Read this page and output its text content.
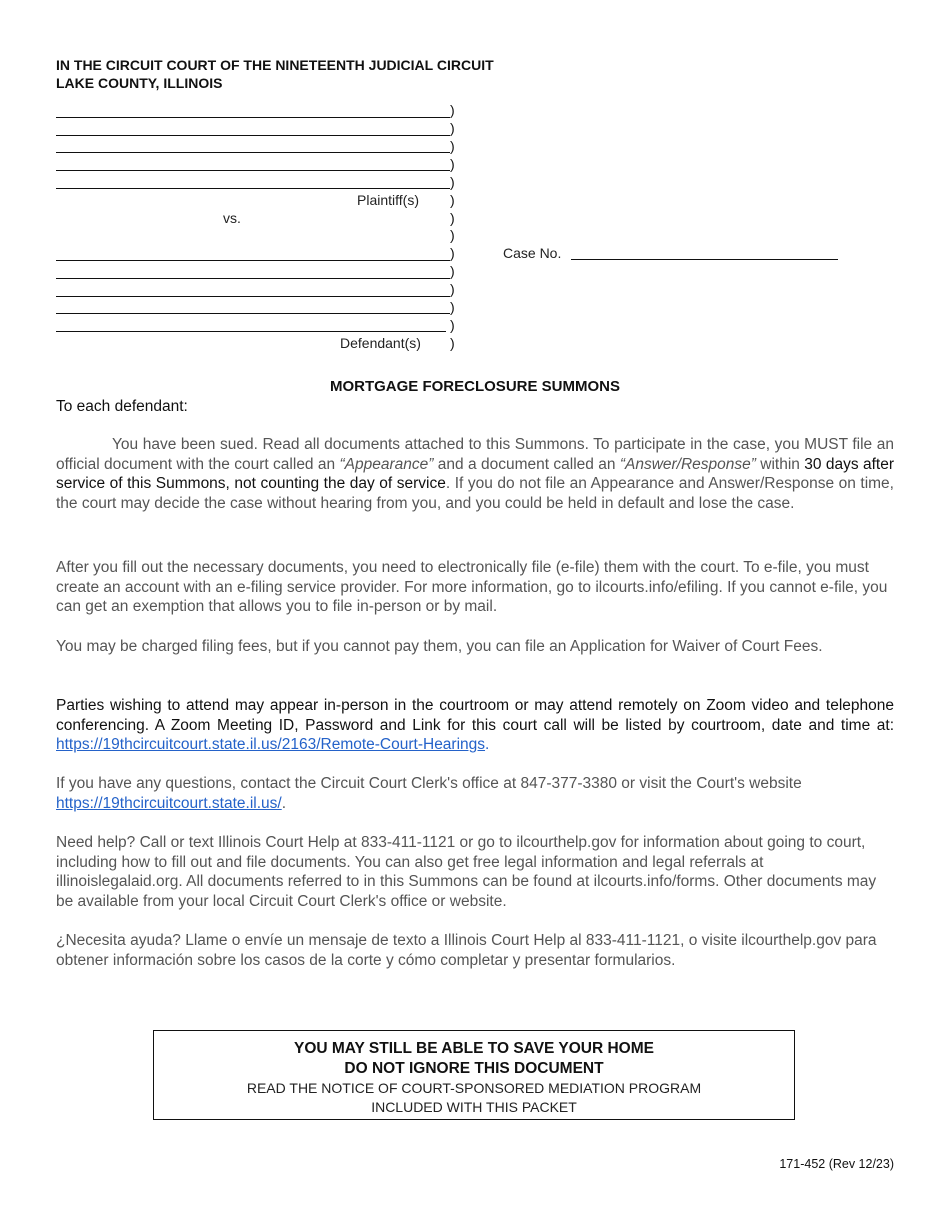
IN THE CIRCUIT COURT OF THE NINETEENTH JUDICIAL CIRCUIT
LAKE COUNTY, ILLINOIS
Plaintiff(s)
vs.
Defendant(s)
)
)
)
)
)
)
)
)
)
)
)
)
)
)
Case No.
MORTGAGE FORECLOSURE SUMMONS
To each defendant:

You have been sued. Read all documents attached to this Summons. To participate in the case, you MUST file an official document with the court called an “Appearance” and a document called an “Answer/Response” within 30 days after service of this Summons, not counting the day of service. If you do not file an Appearance and Answer/Response on time, the court may decide the case without hearing from you, and you could be held in default and lose the case.

After you fill out the necessary documents, you need to electronically file (e-file) them with the court. To e-file, you must create an account with an e-filing service provider. For more information, go to ilcourts.info/efiling. If you cannot e-file, you can get an exemption that allows you to file in-person or by mail.

You may be charged filing fees, but if you cannot pay them, you can file an Application for Waiver of Court Fees.

Parties wishing to attend may appear in-person in the courtroom or may attend remotely on Zoom video and telephone conferencing. A Zoom Meeting ID, Password and Link for this court call will be listed by courtroom, date and time at: https://19thcircuitcourt.state.il.us/2163/Remote-Court-Hearings.

If you have any questions, contact the Circuit Court Clerk's office at 847-377-3380 or visit the Court's website https://19thcircuitcourt.state.il.us/.

Need help? Call or text Illinois Court Help at 833-411-1121 or go to ilcourthelp.gov for information about going to court, including how to fill out and file documents. You can also get free legal information and legal referrals at illinoislegalaid.org. All documents referred to in this Summons can be found at ilcourts.info/forms. Other documents may be available from your local Circuit Court Clerk's office or website.

¿Necesita ayuda? Llame o envíe un mensaje de texto a Illinois Court Help al 833-411-1121, o visite ilcourthelp.gov para obtener información sobre los casos de la corte y cómo completar y presentar formularios.

YOU MAY STILL BE ABLE TO SAVE YOUR HOME
DO NOT IGNORE THIS DOCUMENT
READ THE NOTICE OF COURT-SPONSORED MEDIATION PROGRAM
INCLUDED WITH THIS PACKET
171-452 (Rev 12/23)
